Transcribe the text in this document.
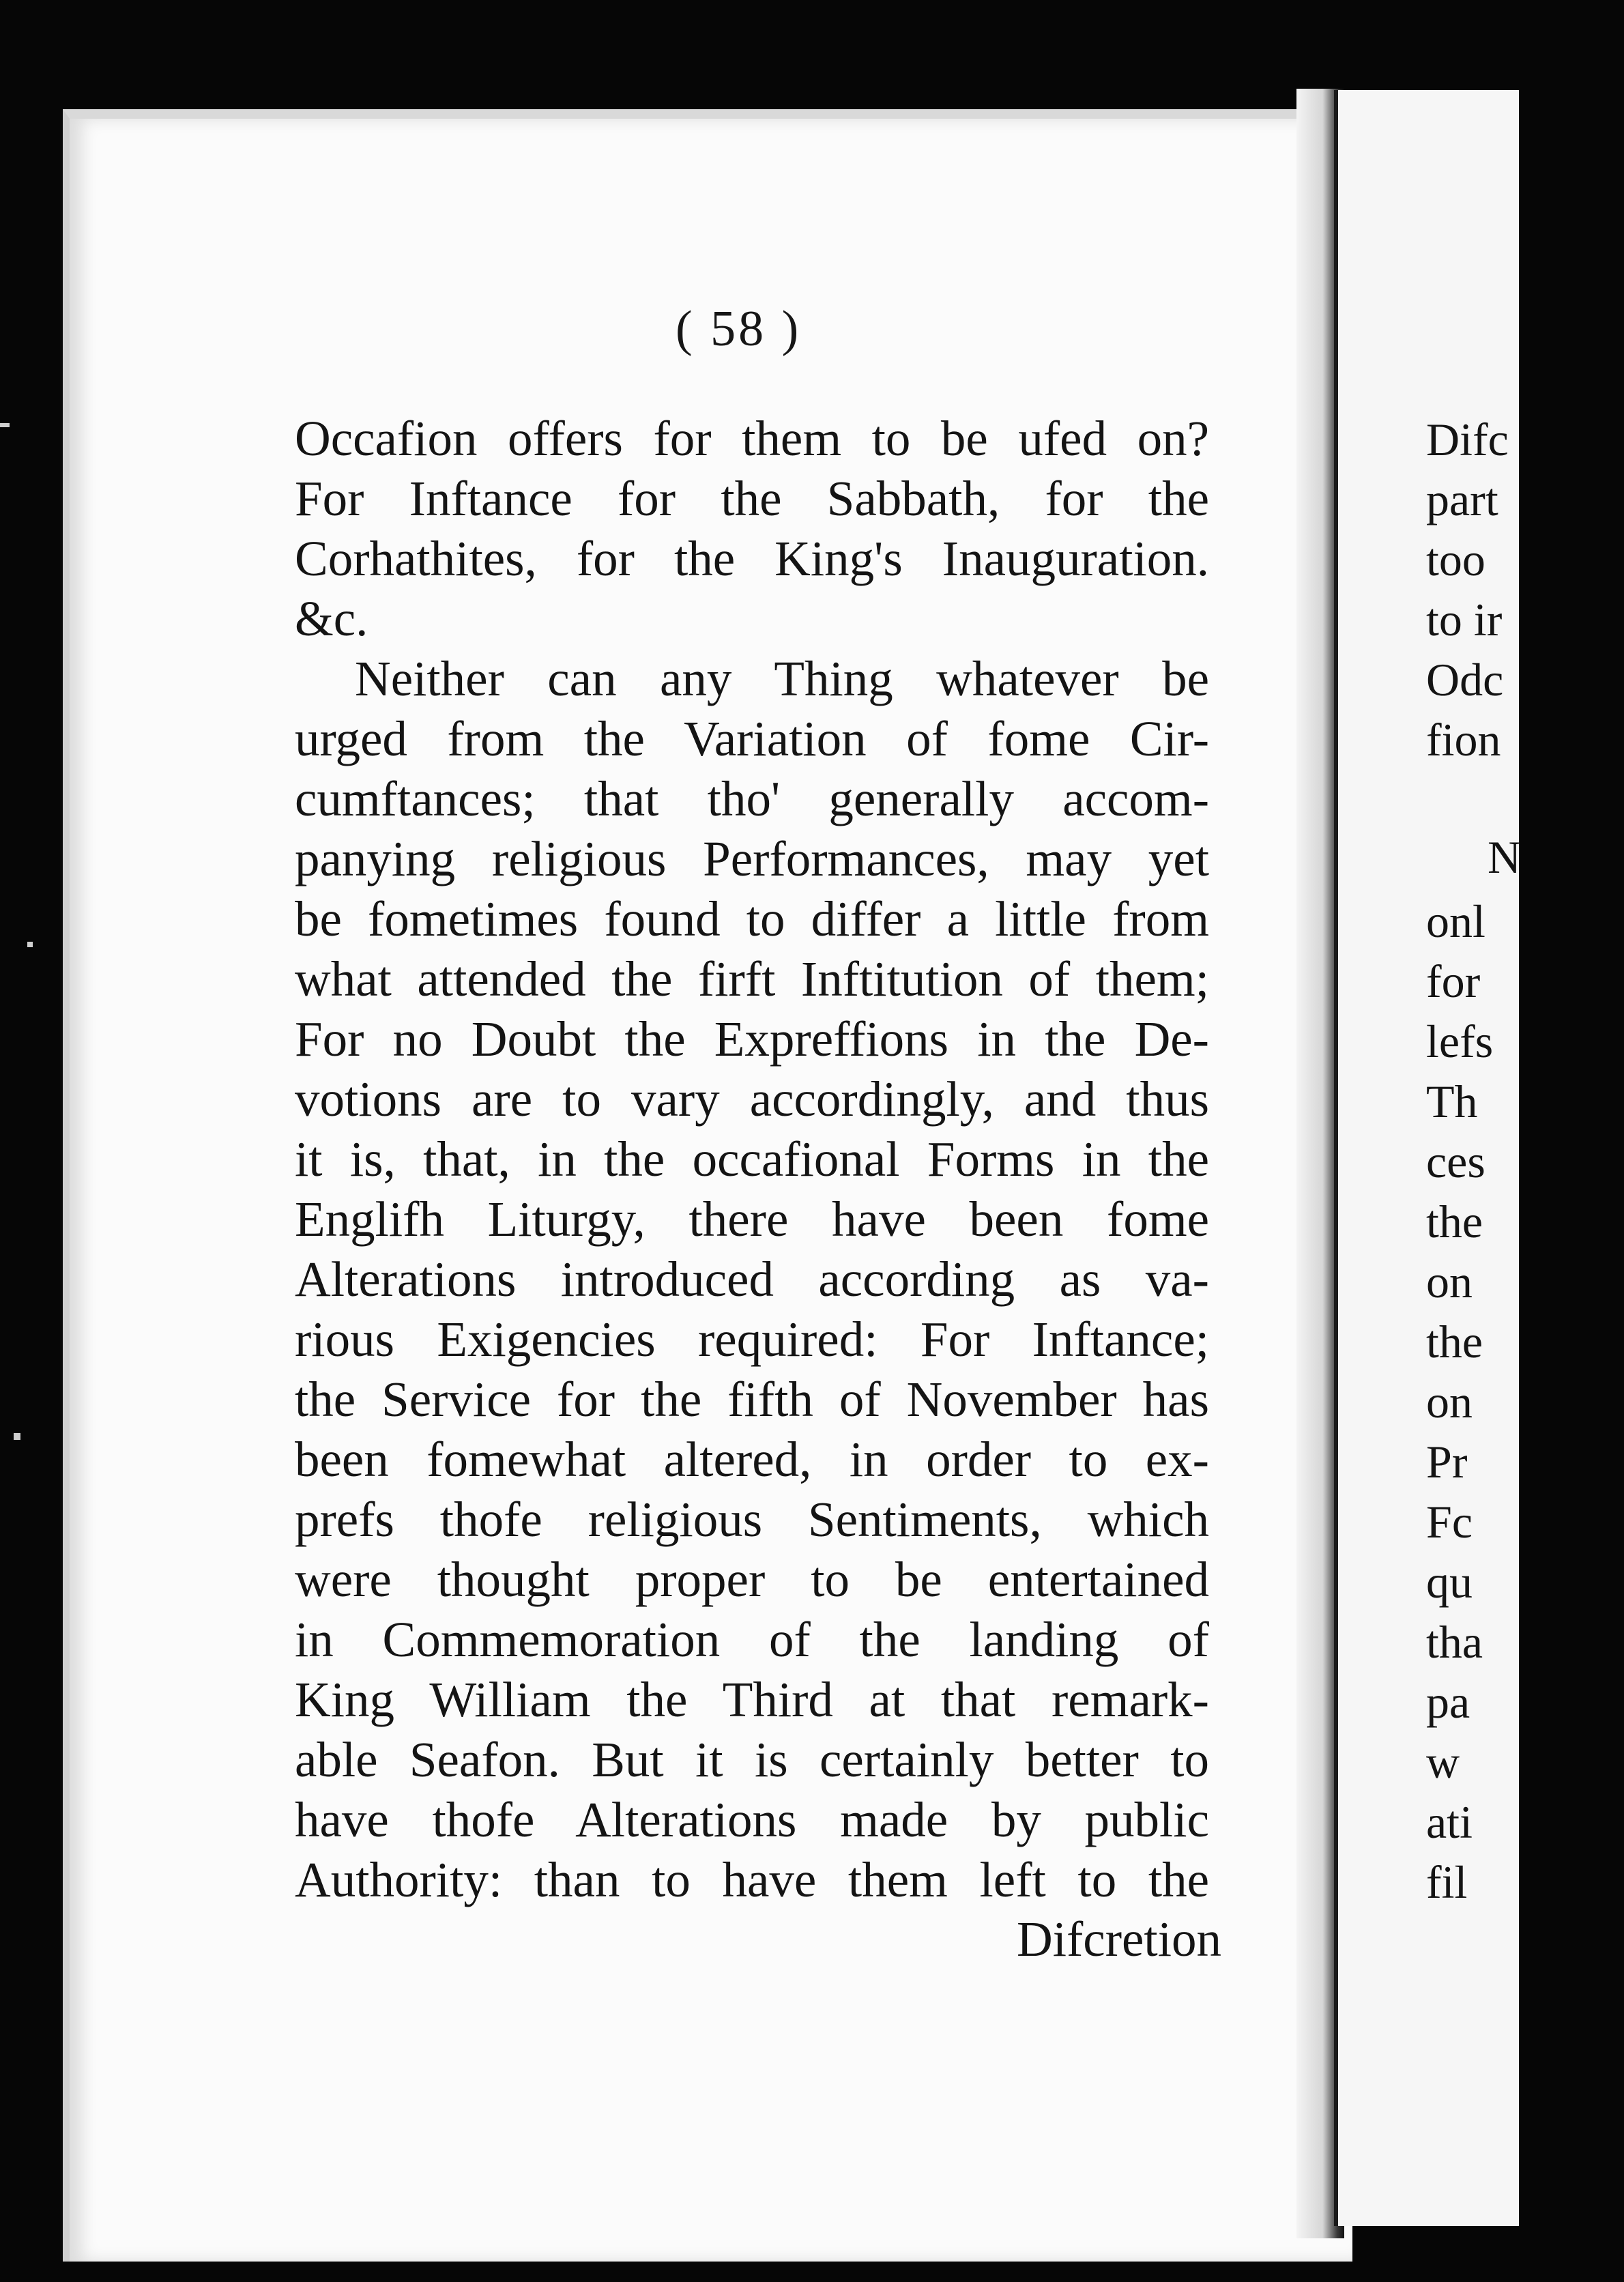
( 58 )
Occafion offers for them to be ufed on?
For Inftance for the Sabbath, for the
Corhathites, for the King's Inauguration.
&c.
Neither can any Thing whatever be
urged from the Variation of fome Cir-
cumftances; that tho' generally accom-
panying religious Performances, may yet
be fometimes found to differ a little from
what attended the firft Inftitution of them;
For no Doubt the Expreffions in the De-
votions are to vary accordingly, and thus
it is, that, in the occafional Forms in the
Englifh Liturgy, there have been fome
Alterations introduced according as va-
rious Exigencies required: For Inftance;
the Service for the fifth of November has
been fomewhat altered, in order to ex-
prefs thofe religious Sentiments, which
were thought proper to be entertained
in Commemoration of the landing of
King William the Third at that remark-
able Seafon. But it is certainly better to
have thofe Alterations made by public
Authority: than to have them left to the
Difcretion
Difc
part
too
to ir
Odc
fion
N
onl
for
lefs
Th
ces
the
on
the
on
Pr
Fc
qu
tha
pa
w
ati
fil
